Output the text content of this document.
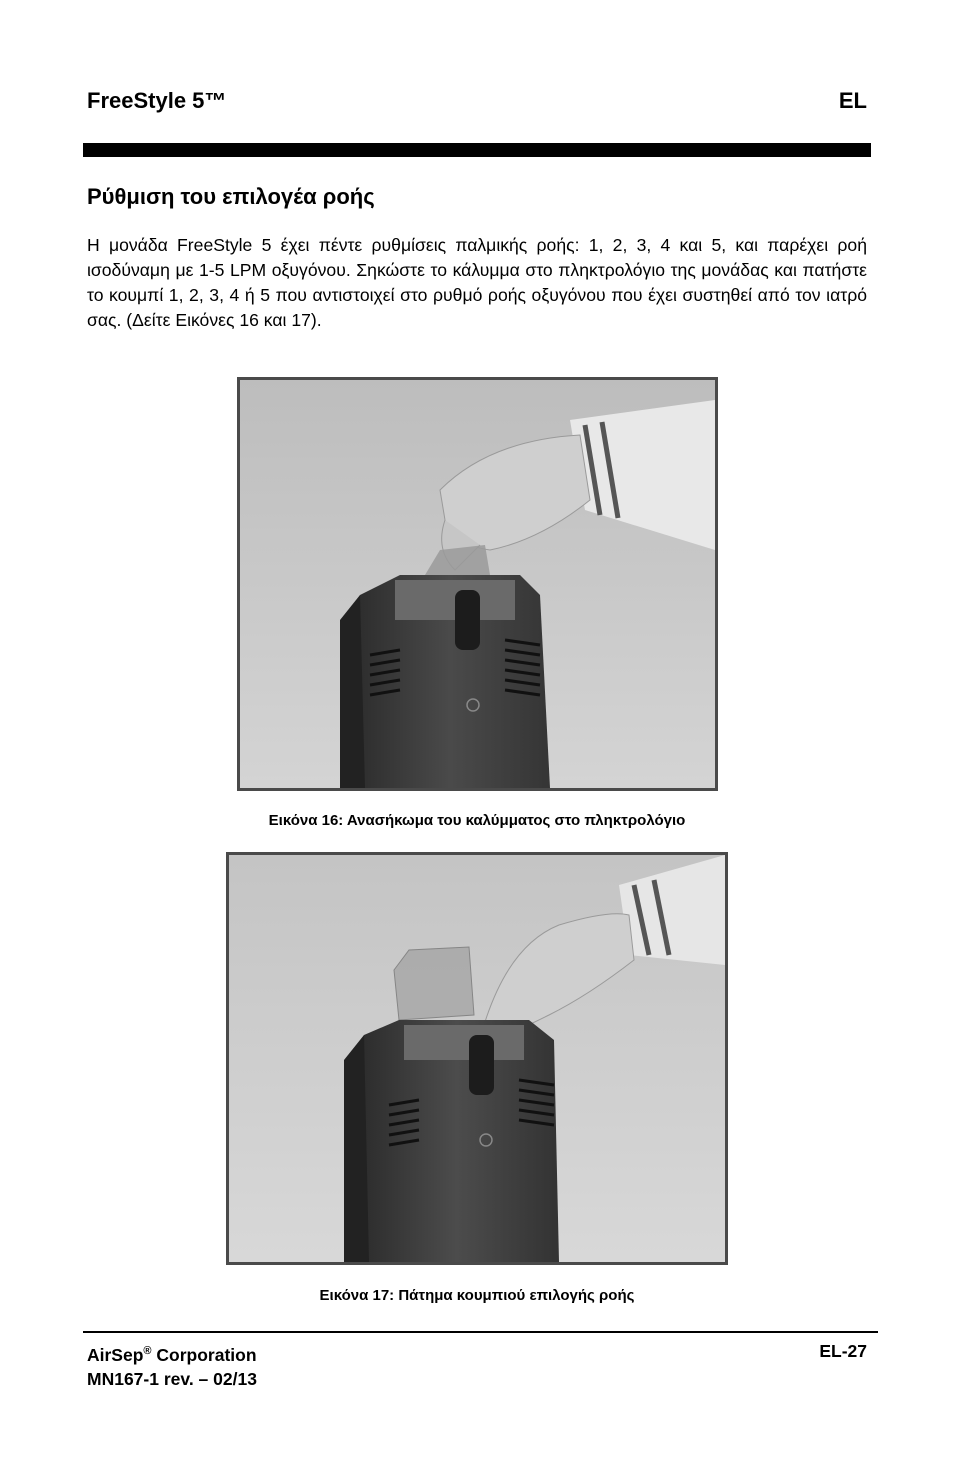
FreeStyle 5™	EL
Ρύθμιση του επιλογέα ροής

Η μονάδα FreeStyle 5 έχει πέντε ρυθμίσεις παλμικής ροής: 1, 2, 3, 4 και 5, και παρέχει ροή ισοδύναμη με 1-5 LPM οξυγόνου. Σηκώστε το κάλυμμα στο πληκτρολόγιο της μονάδας και πατήστε το κουμπί 1, 2, 3, 4 ή 5 που αντιστοιχεί στο ρυθμό ροής οξυγόνου που έχει συστηθεί από τον ιατρό σας. (Δείτε Εικόνες 16 και 17).

Εικόνα 16: Ανασήκωμα του καλύμματος στο πληκτρολόγιο
Εικόνα 17: Πάτημα κουμπιού επιλογής ροής
AirSep® Corporation
MN167-1 rev. – 02/13
EL-27
